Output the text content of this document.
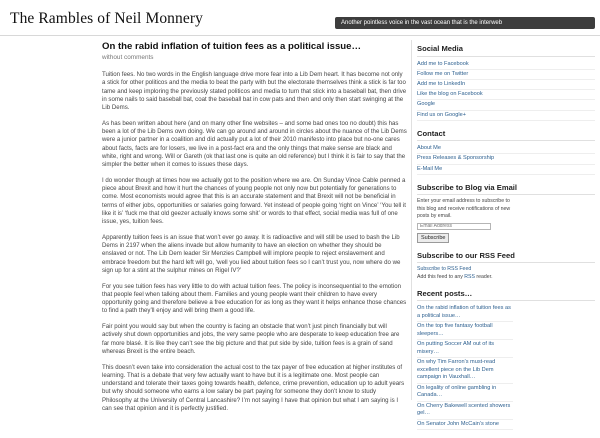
The Rambles of Neil Monnery	Another pointless voice in the vast ocean that is the interweb
On the rabid inflation of tuition fees as a political issue…
without comments

Tuition fees. No two words in the English language drive more fear into a Lib Dem heart. It has become not only a stick for other politicos and the media to beat the party with but the electorate themselves think a stick is far too tame and keep imploring the previously stated politicos and media to turn that stick into a baseball bat, then drive in some nails to said baseball bat, coat the baseball bat in cow pats and then and only then start swinging at the Lib Dems.

As has been written about here (and on many other fine websites – and some bad ones too no doubt) this has been a lot of the Lib Dems own doing. We can go around and around in circles about the nuance of the Lib Dems were a junior partner in a coalition and did actually put a lot of their 2010 manifesto into place but no-one cares about facts, facts are for losers, we live in a post-fact era and the only things that make sense are black and white, right and wrong. Will or Gareth (ok that last one is quite an old reference) but I think it is fair to say that the simpler the better when it comes to issues these days.

I do wonder though at times how we actually got to the position where we are. On Sunday Vince Cable penned a piece about Brexit and how it hurt the chances of young people not only now but potentially for generations to come. Most economists would agree that this is an accurate statement and that Brexit will not be beneficial in terms of either jobs, opportunities or salaries going forward. Yet instead of people going ‘right on Vince’ ‘You tell it like it is’ ‘fuck me that old geezer actually knows some shit’ or words to that effect, social media was full of one issue, yes, tuition fees.

Apparently tuition fees is an issue that won’t ever go away. It is radioactive and will still be used to bash the Lib Dems in 2197 when the aliens invade but allow humanity to have an election on whether they should be enslaved or not. The Lib Dem leader Sir Menzies Campbell will implore people to reject enslavement and embrace freedom but the hard left will go, ‘well you lied about tuition fees so I can’t trust you, now where do we sign up for a stint at the sulphur mines on Rigel IV?’

For you see tuition fees has very little to do with actual tuition fees. The policy is inconsequential to the emotion that people feel when talking about them. Families and young people want their children to have every opportunity going and therefore believe a free education for as long as they want it helps enhance those chances to find a path they’ll enjoy and will bring them a good life.

Fair point you would say but when the country is facing an obstacle that won’t just pinch financially but will actively shut down opportunities and jobs, the very same people who are desperate to keep education free are far more blasé. It is like they can’t see the big picture and that put side by side, tuition fees is a grain of sand whereas Brexit is the entire beach.

This doesn’t even take into consideration the actual cost to the tax payer of free education at higher institutes of learning. That is a debate that very few actually want to have but it is a legitimate one. Most people can understand and tolerate their taxes going towards health, defence, crime prevention, education up to adult years but why should someone who earns a low salary be part paying for someone they don’t know to study Philosophy at the University of Central Lancashire? I’m not saying I have that opinion but what I am saying is I can see that opinion and it is perfectly justified.

Social Media
Add me to Facebook
Follow me on Twitter
Add me to LinkedIn
Like the blog on Facebook
Google
Find us on Google+
Contact
About Me
Press Releases & Sponsorship
E-Mail Me
Subscribe to Blog via Email
Enter your email address to subscribe to this blog and receive notifications of new posts by email.
Email Address
Subscribe
Subscribe to our RSS Feed
Subscribe to RSS Feed
Add this feed to any RSS reader.
Recent posts…
On the rabid inflation of tuition fees as a political issue…
On the top five fantasy football sleepers…
On putting Soccer AM out of its misery…
On why Tim Farron’s must-read excellent piece on the Lib Dem campaign in Vauxhall…
On legality of online gambling in Canada…
On Cherry Bakewell scented showers gel…
On Senator John McCain’s stone
